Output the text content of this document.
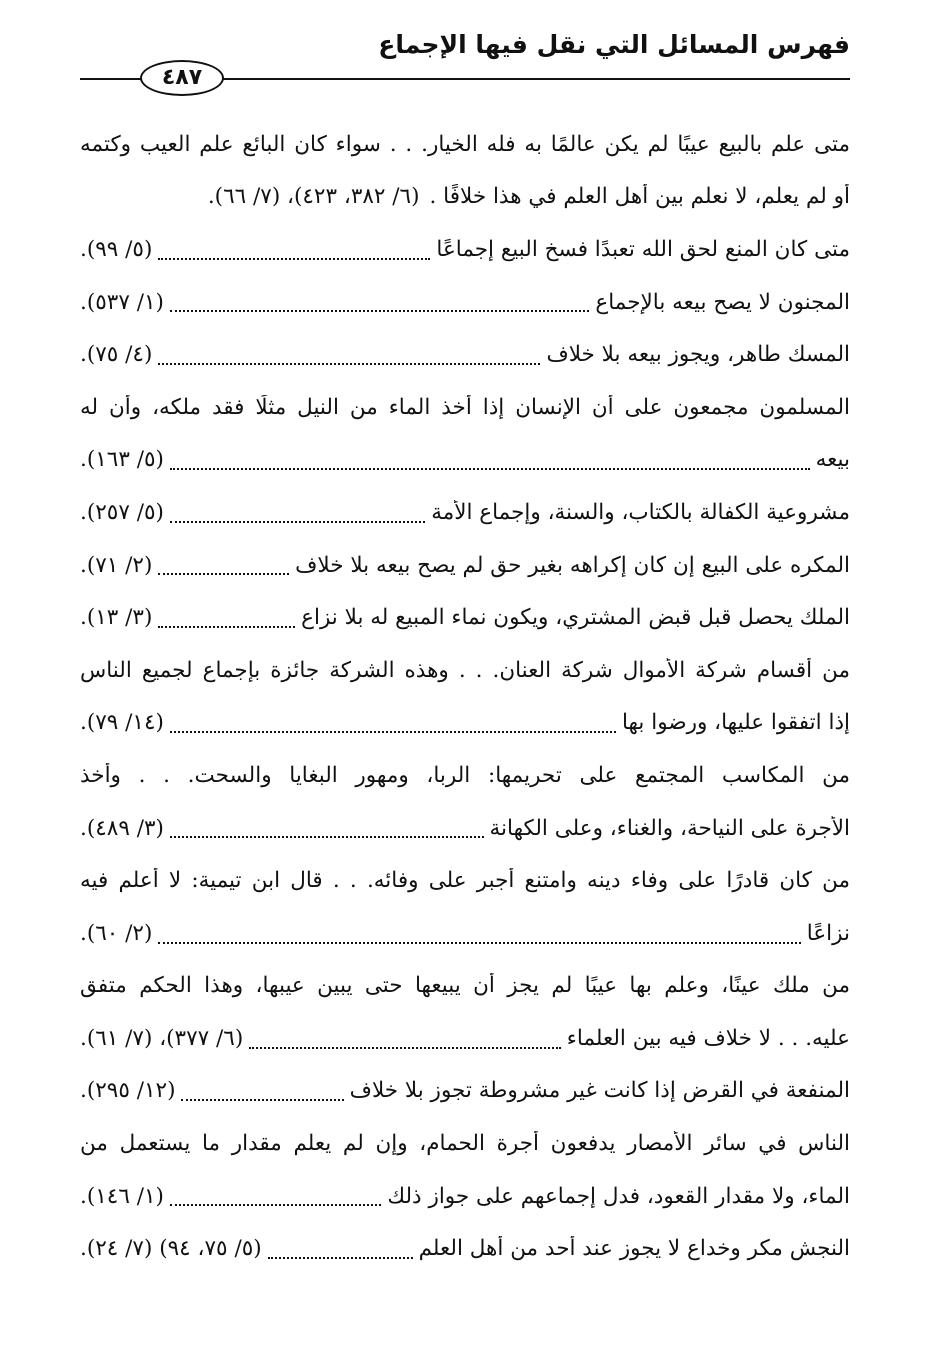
فهرس المسائل التي نقل فيها الإجماع
٤٨٧
متى علم بالبيع عيبًا لم يكن عالمًا به فله الخيار. . . سواء كان البائع علم العيب وكتمه
أو لم يعلم، لا نعلم بين أهل العلم في هذا خلافًا .
(٦/ ٣٨٢، ٤٢٣)، (٧/ ٦٦).
متى كان المنع لحق الله تعبدًا فسخ البيع إجماعًا
(٥/ ٩٩).
المجنون لا يصح بيعه بالإجماع
(١/ ٥٣٧).
المسك طاهر، ويجوز بيعه بلا خلاف
(٤/ ٧٥).
المسلمون مجمعون على أن الإنسان إذا أخذ الماء من النيل مثلًا فقد ملكه، وأن له
بيعه
(٥/ ١٦٣).
مشروعية الكفالة بالكتاب، والسنة، وإجماع الأمة
(٥/ ٢٥٧).
المكره على البيع إن كان إكراهه بغير حق لم يصح بيعه بلا خلاف
(٢/ ٧١).
الملك يحصل قبل قبض المشتري، ويكون نماء المبيع له بلا نزاع
(٣/ ١٣).
من أقسام شركة الأموال شركة العنان. . . وهذه الشركة جائزة بإجماع لجميع الناس
إذا اتفقوا عليها، ورضوا بها
(١٤/ ٧٩).
من المكاسب المجتمع على تحريمها: الربا، ومهور البغايا والسحت. . . وأخذ
الأجرة على النياحة، والغناء، وعلى الكهانة
(٣/ ٤٨٩).
من كان قادرًا على وفاء دينه وامتنع أجبر على وفائه. . . قال ابن تيمية: لا أعلم فيه
نزاعًا
(٢/ ٦٠).
من ملك عينًا، وعلم بها عيبًا لم يجز أن يبيعها حتى يبين عيبها، وهذا الحكم متفق
عليه. . . لا خلاف فيه بين العلماء
(٦/ ٣٧٧)، (٧/ ٦١).
المنفعة في القرض إذا كانت غير مشروطة تجوز بلا خلاف
(١٢/ ٢٩٥).
الناس في سائر الأمصار يدفعون أجرة الحمام، وإن لم يعلم مقدار ما يستعمل من
الماء، ولا مقدار القعود، فدل إجماعهم على جواز ذلك
(١/ ١٤٦).
النجش مكر وخداع لا يجوز عند أحد من أهل العلم
(٥/ ٧٥، ٩٤) (٧/ ٢٤).
